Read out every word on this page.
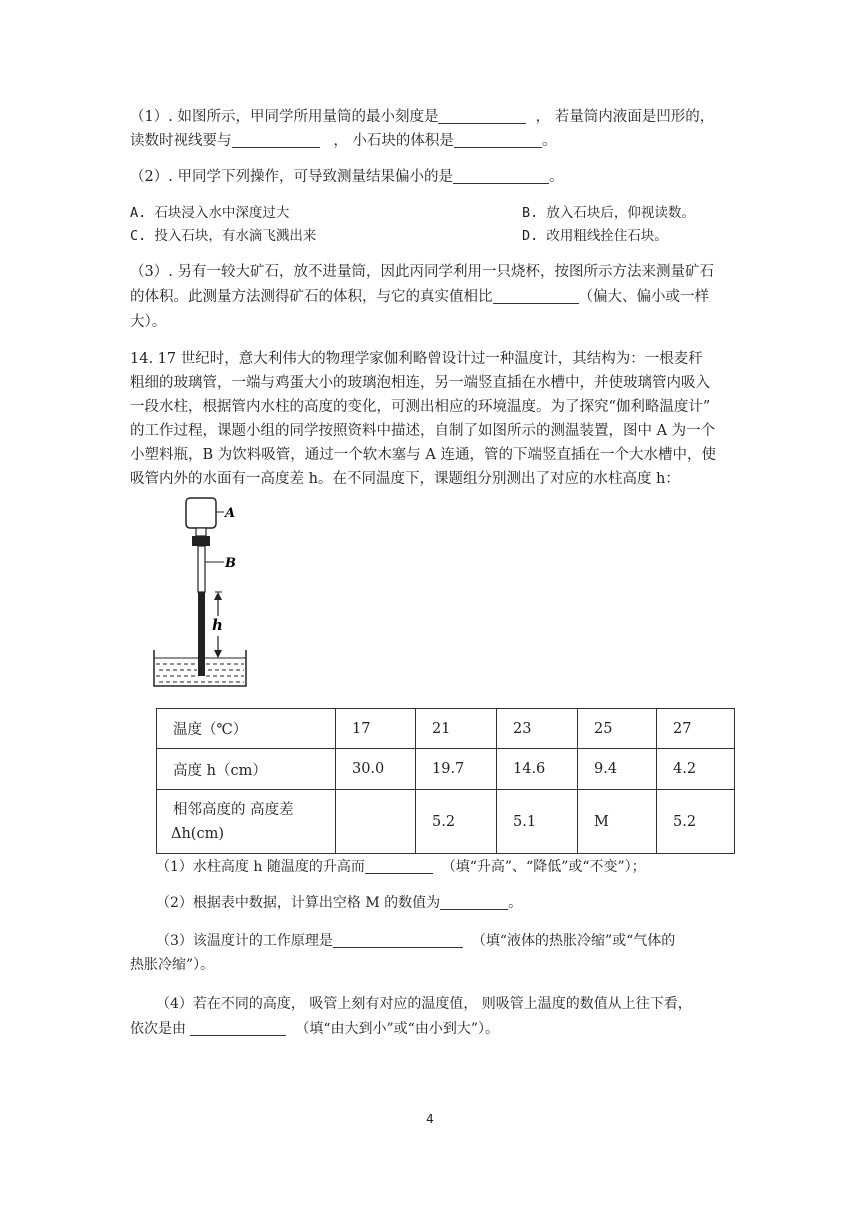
（1）. 如图所示，甲同学所用量筒的最小刻度是	， 若量筒内液面是凹形的，
读数时视线要与	， 小石块的体积是	。
（2）. 甲同学下列操作，可导致测量结果偏小的是	。
A. 石块浸入水中深度过大	B. 放入石块后，仰视读数。
C. 投入石块，有水滴飞溅出来	D. 改用粗线拴住石块。
（3）. 另有一较大矿石，放不进量筒，因此丙同学利用一只烧杯，按图所示方法来测量矿石
的体积。此测量方法测得矿石的体积，与它的真实值相比	（偏大、偏小或一样
大）。
14. 17 世纪时，意大利伟大的物理学家伽利略曾设计过一种温度计，其结构为：一根麦秆
粗细的玻璃管，一端与鸡蛋大小的玻璃泡相连，另一端竖直插在水槽中，并使玻璃管内吸入
一段水柱，根据管内水柱的高度的变化，可测出相应的环境温度。为了探究“伽利略温度计”
的工作过程，课题小组的同学按照资料中描述，自制了如图所示的测温装置，图中 A 为一个
小塑料瓶，B 为饮料吸管，通过一个软木塞与 A 连通，管的下端竖直插在一个大水槽中，使
吸管内外的水面有一高度差 h。在不同温度下，课题组分别测出了对应的水柱高度 h：
A
B
h
温度（℃）	17	21	23	25	27
高度 h（cm）	30.0	19.7	14.6	9.4	4.2

相邻高度的 高度差
Δh(cm)		5.2	5.1	M	5.2
（1）水柱高度 h 随温度的升高而	（填“升高”、“降低”或“不变”）；
（2）根据表中数据，计算出空格 M 的数值为	。
（3）该温度计的工作原理是	（填“液体的热胀冷缩”或“气体的
热胀冷缩”）。
（4）若在不同的高度， 吸管上刻有对应的温度值， 则吸管上温度的数值从上往下看，
依次是由	（填“由大到小”或“由小到大”）。
4
